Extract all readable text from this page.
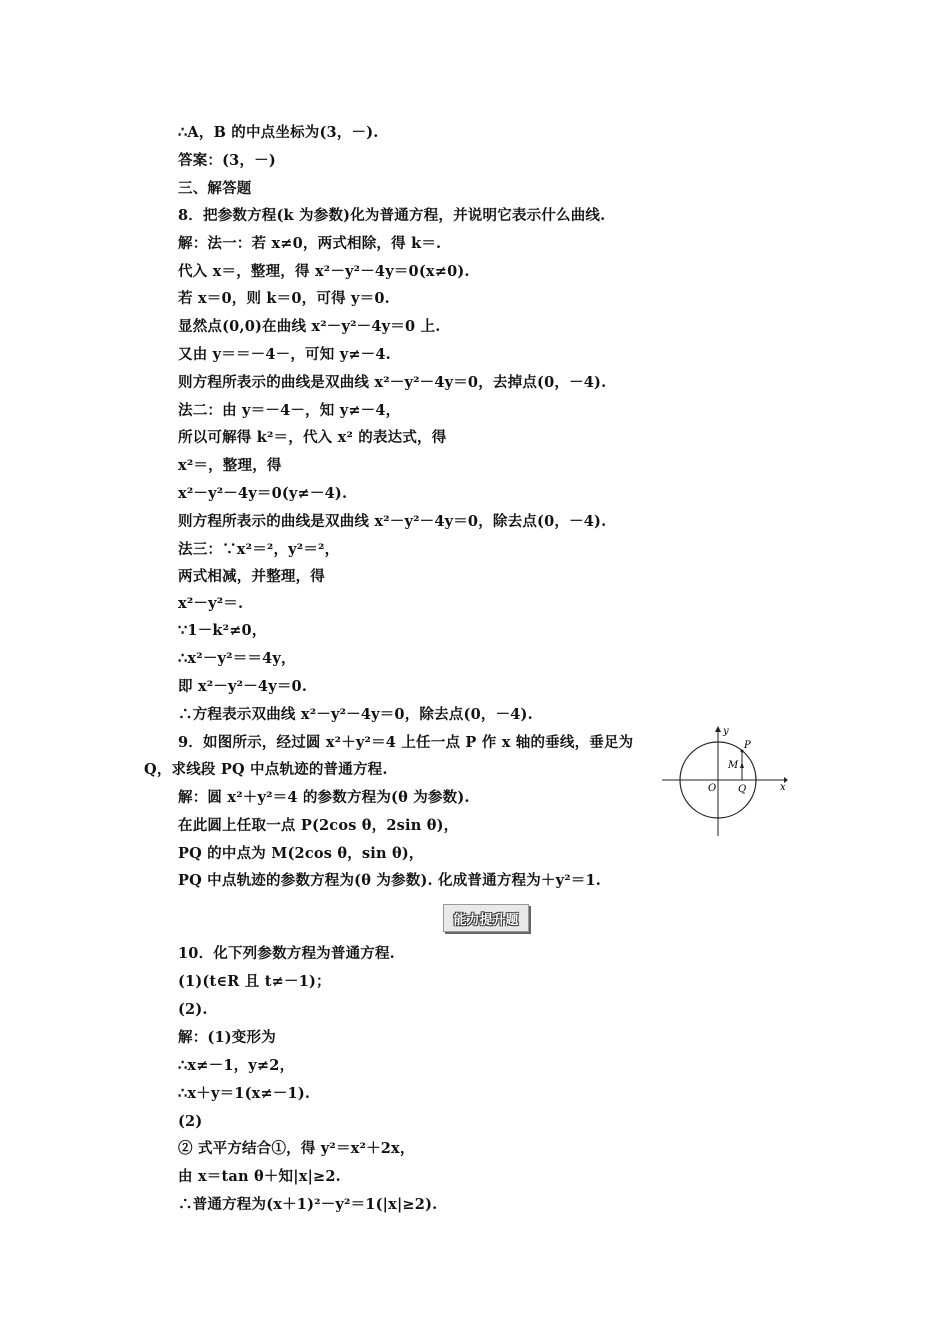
∴A，B 的中点坐标为(3，－).
答案：(3，－)
三、解答题
8．把参数方程(k 为参数)化为普通方程，并说明它表示什么曲线.
解：法一：若 x≠0，两式相除，得 k＝.
代入 x＝，整理，得 x²－y²－4y＝0(x≠0).
若 x＝0，则 k＝0，可得 y＝0.
显然点(0,0)在曲线 x²－y²－4y＝0 上.
又由 y＝＝－4－，可知 y≠－4.
则方程所表示的曲线是双曲线 x²－y²－4y＝0，去掉点(0，－4).
法二：由 y＝－4－，知 y≠－4，
所以可解得 k²＝，代入 x² 的表达式，得
x²＝，整理，得
x²－y²－4y＝0(y≠－4).
则方程所表示的曲线是双曲线 x²－y²－4y＝0，除去点(0，－4).
法三：∵x²＝²，y²＝²，
两式相减，并整理，得
x²－y²＝.
∵1－k²≠0，
∴x²－y²＝＝4y，
即 x²－y²－4y＝0.
∴方程表示双曲线 x²－y²－4y＝0，除去点(0，－4).
9．如图所示，经过圆 x²＋y²＝4 上任一点 P 作 x 轴的垂线，垂足为
Q，求线段 PQ 中点轨迹的普通方程.
解：圆 x²＋y²＝4 的参数方程为(θ 为参数).
在此圆上任取一点 P(2cos θ，2sin θ)，
PQ 的中点为 M(2cos θ，sin θ)，
PQ 中点轨迹的参数方程为(θ 为参数). 化成普通方程为＋y²＝1.
y
x
P
M
O Q
能力提升题
10．化下列参数方程为普通方程.
(1)(t∈R 且 t≠－1)；
(2).
解：(1)变形为
∴x≠－1，y≠2，
∴x＋y＝1(x≠－1).
(2)
② 式平方结合①，得 y²＝x²＋2x，
由 x＝tan θ＋知|x|≥2.
∴普通方程为(x＋1)²－y²＝1(|x|≥2).
